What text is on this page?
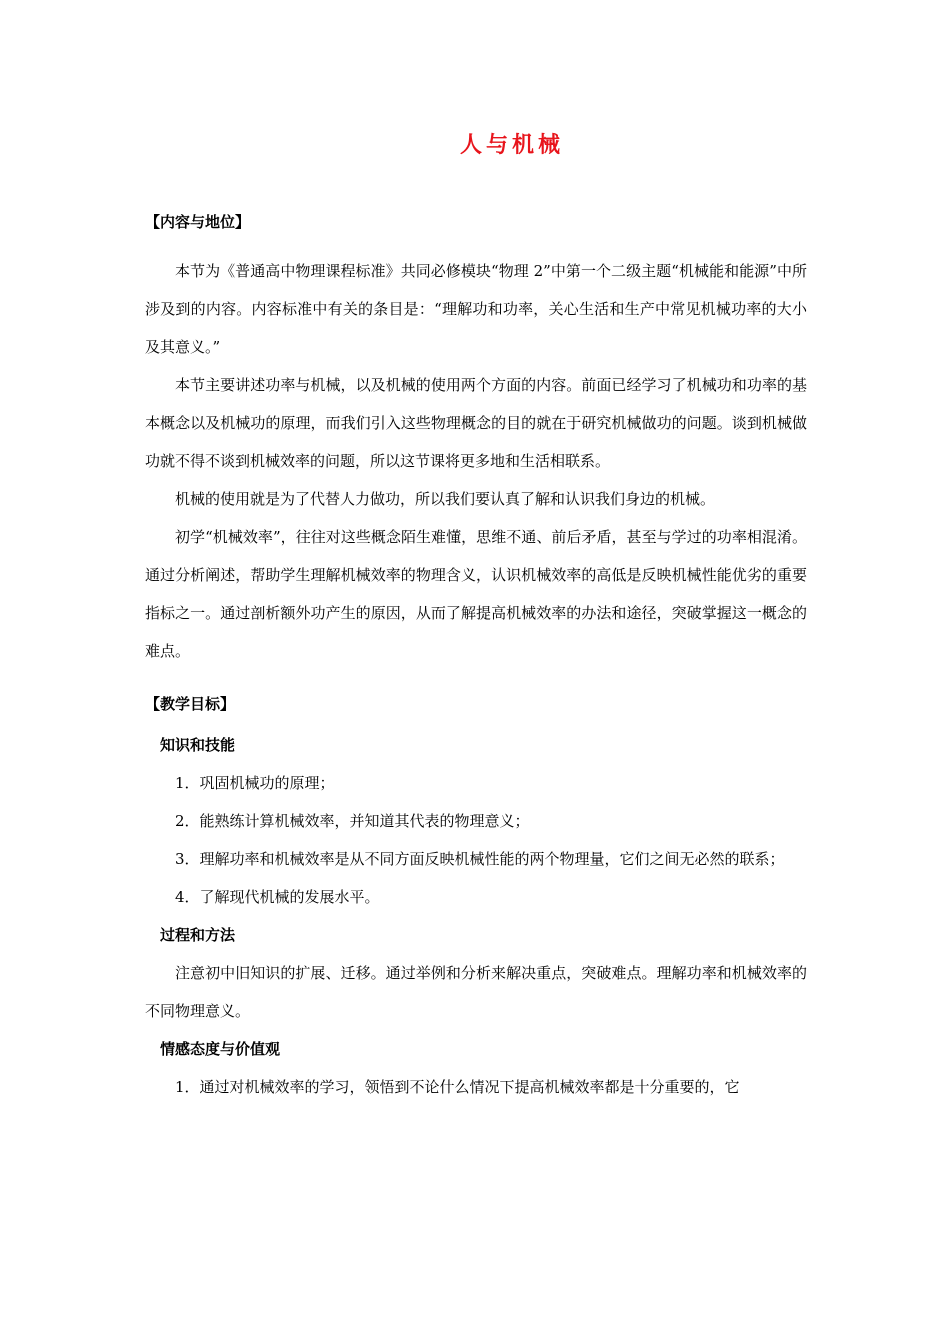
人与机械
【内容与地位】

本节为《普通高中物理课程标准》共同必修模块“物理 2”中第一个二级主题“机械能和能源”中所涉及到的内容。内容标准中有关的条目是：“理解功和功率，关心生活和生产中常见机械功率的大小及其意义。”

本节主要讲述功率与机械，以及机械的使用两个方面的内容。前面已经学习了机械功和功率的基本概念以及机械功的原理，而我们引入这些物理概念的目的就在于研究机械做功的问题。谈到机械做功就不得不谈到机械效率的问题，所以这节课将更多地和生活相联系。

机械的使用就是为了代替人力做功，所以我们要认真了解和认识我们身边的机械。

初学“机械效率”，往往对这些概念陌生难懂，思维不通、前后矛盾，甚至与学过的功率相混淆。通过分析阐述，帮助学生理解机械效率的物理含义，认识机械效率的高低是反映机械性能优劣的重要指标之一。通过剖析额外功产生的原因，从而了解提高机械效率的办法和途径，突破掌握这一概念的难点。

【教学目标】
知识和技能

1．巩固机械功的原理；

2．能熟练计算机械效率，并知道其代表的物理意义；

3．理解功率和机械效率是从不同方面反映机械性能的两个物理量，它们之间无必然的联系；

4．了解现代机械的发展水平。

过程和方法

注意初中旧知识的扩展、迁移。通过举例和分析来解决重点，突破难点。理解功率和机械效率的不同物理意义。

情感态度与价值观

1．通过对机械效率的学习，领悟到不论什么情况下提高机械效率都是十分重要的，它
